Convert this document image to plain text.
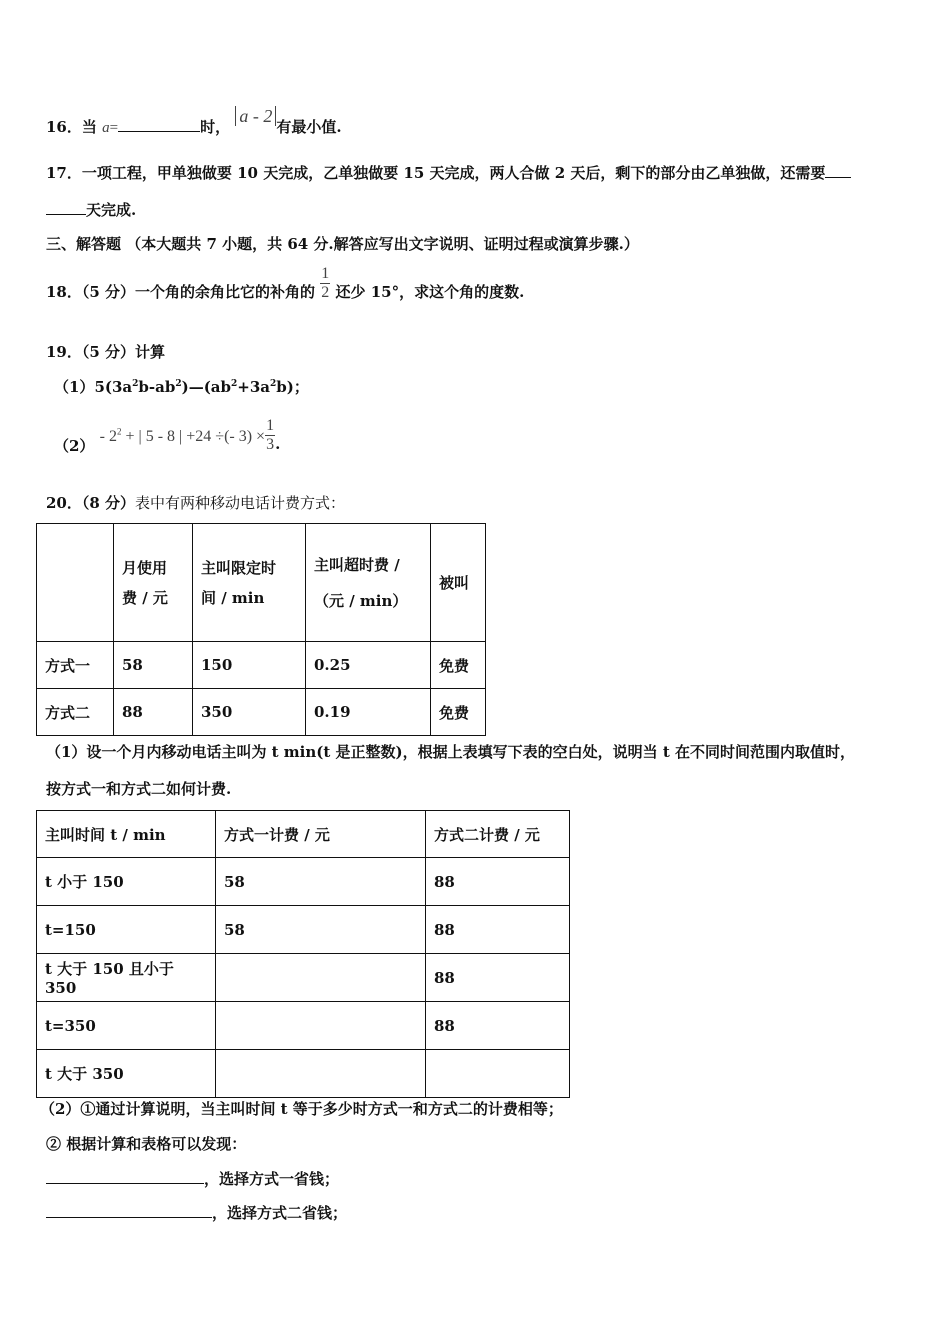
16．当 a=	时， a - 2有最小值.
17．一项工程，甲单独做要 10 天完成，乙单独做要 15 天完成，两人合做 2 天后，剩下的部分由乙单独做，还需要
天完成.
三、解答题 （本大题共 7 小题，共 64 分.解答应写出文字说明、证明过程或演算步骤.）
18．（5 分）一个角的余角比它的补角的 $\frac{1}{2}$ 还少 15°，求这个角的度数.
19．（5 分）计算
$(1)5(3a^2b-ab^2)—(ab^2+3a^2b)$；
$(2) - 2^2$ + | 5 - 8 | +24 ÷(- $3) \times \frac{1}{3}$ .
20．（8 分）表中有两种移动电话计费方式：

	月使用费 / 元	主叫限定时间 / min	主叫超时费 / （元 / min）	被叫
方式一	58	150	0.25	免费
方式二	88	350	0.19	免费
（1）设一个月内移动电话主叫为 t min(t 是正整数)，根据上表填写下表的空白处，说明当 t 在不同时间范围内取值时，
按方式一和方式二如何计费.
主叫时间 t / min	方式一计费 / 元	方式二计费 / 元
t 小于 150	58	88
t=150	58	88
t 大于 150 且小于 350		88
t=350		88
t 大于 350		
（2）①通过计算说明，当主叫时间 t 等于多少时方式一和方式二的计费相等；
② 根据计算和表格可以发现：
，选择方式一省钱；
，选择方式二省钱；
